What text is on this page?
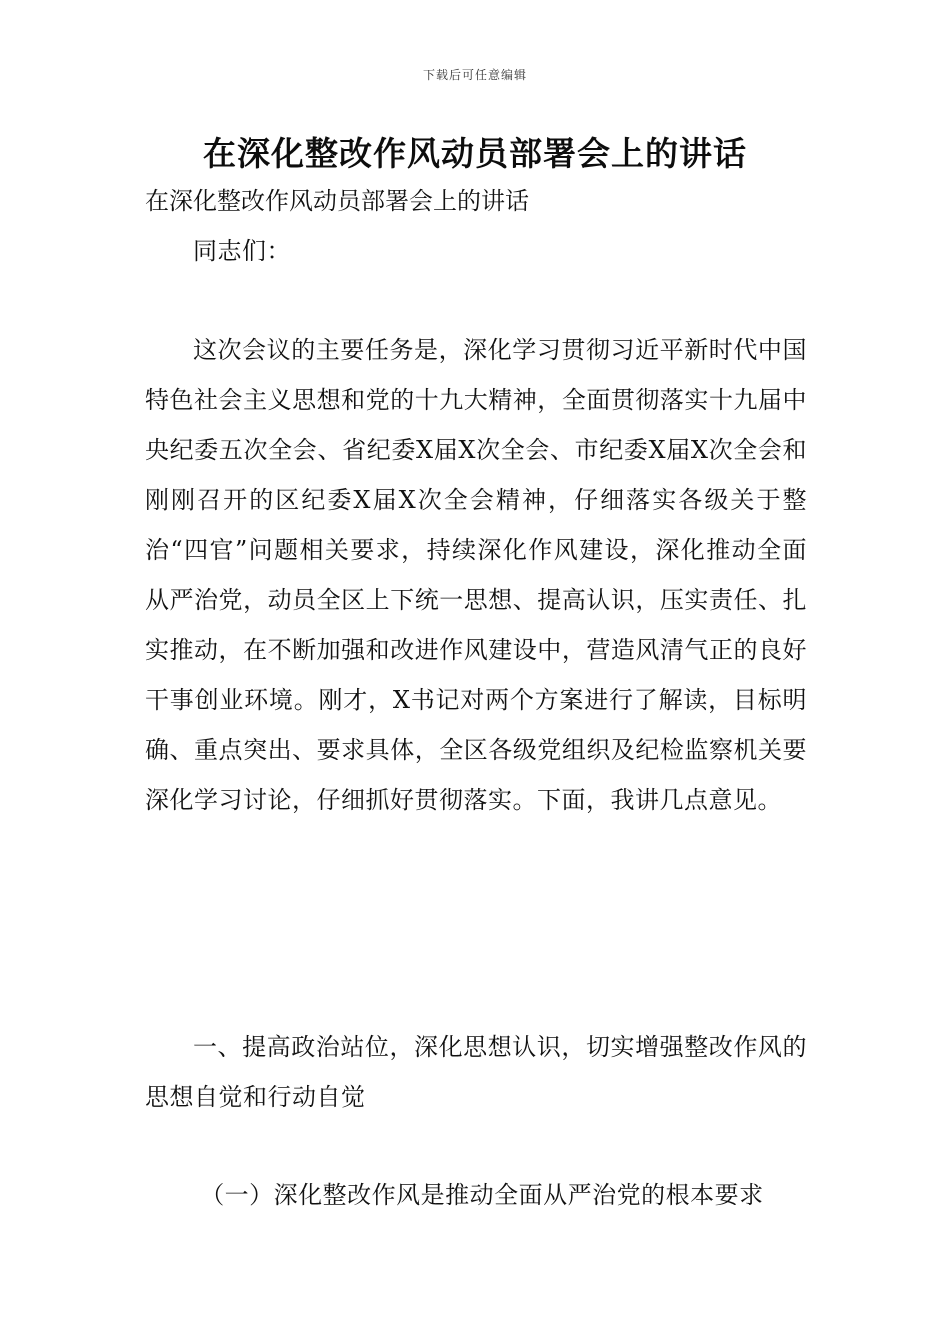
下载后可任意编辑
在深化整改作风动员部署会上的讲话

在深化整改作风动员部署会上的讲话

同志们：

这次会议的主要任务是，深化学习贯彻习近平新时代中国特色社会主义思想和党的十九大精神，全面贯彻落实十九届中央纪委五次全会、省纪委X届X次全会、市纪委X届X次全会和刚刚召开的区纪委X届X次全会精神，仔细落实各级关于整治“四官”问题相关要求，持续深化作风建设，深化推动全面从严治党，动员全区上下统一思想、提高认识，压实责任、扎实推动，在不断加强和改进作风建设中，营造风清气正的良好干事创业环境。刚才，X书记对两个方案进行了解读，目标明确、重点突出、要求具体，全区各级党组织及纪检监察机关要深化学习讨论，仔细抓好贯彻落实。下面，我讲几点意见。

一、提高政治站位，深化思想认识，切实增强整改作风的思想自觉和行动自觉

（一）深化整改作风是推动全面从严治党的根本要求
